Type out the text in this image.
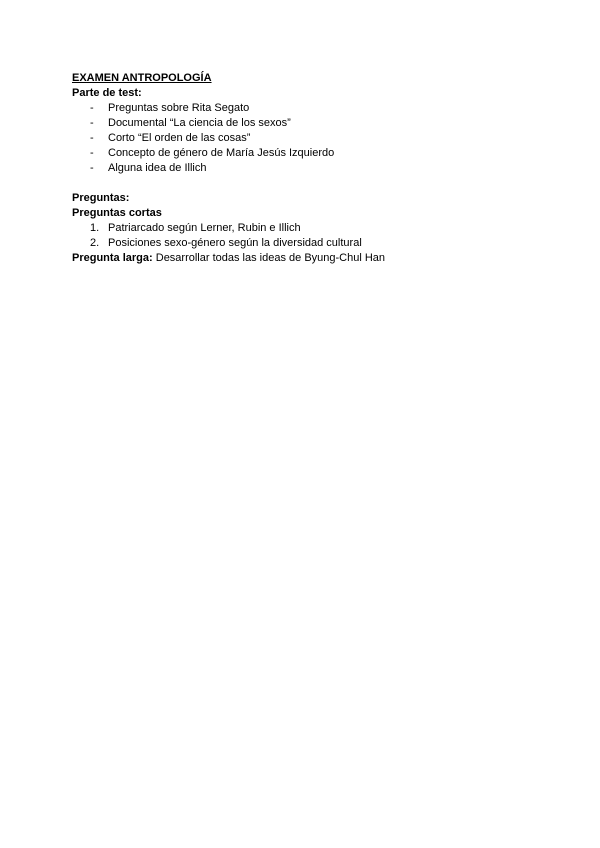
EXAMEN ANTROPOLOGÍA

Parte de test:

-	Preguntas sobre Rita Segato
-	Documental “La ciencia de los sexos”
-	Corto “El orden de las cosas”
-	Concepto de género de María Jesús Izquierdo
-	Alguna idea de Illich

Preguntas:

Preguntas cortas

1. Patriarcado según Lerner, Rubin e Illich
2. Posiciones sexo-género según la diversidad cultural

Pregunta larga: Desarrollar todas las ideas de Byung-Chul Han
